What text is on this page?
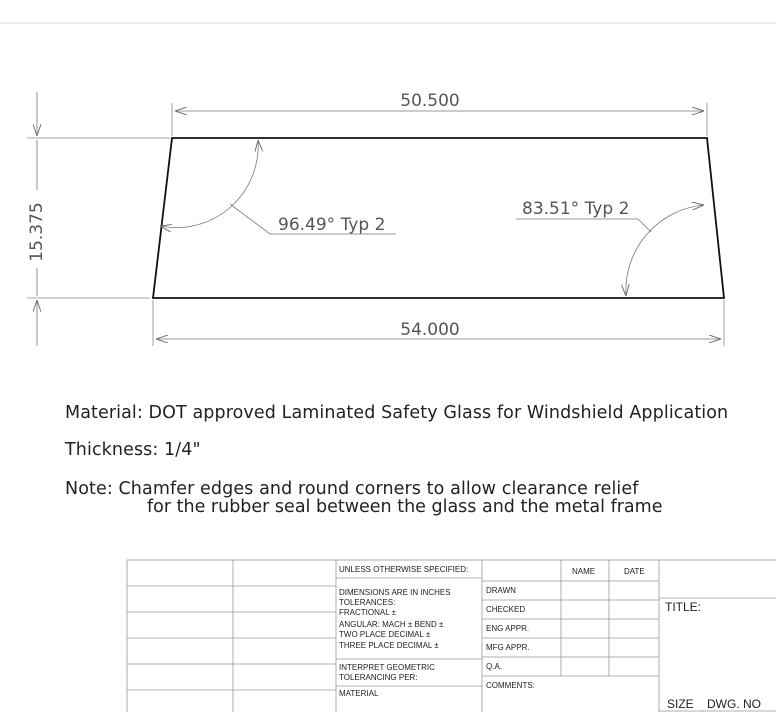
50.500
54.000
15.375	96.49° Typ 2
83.51° Typ 2
Material: DOT approved Laminated Safety Glass for Windshield Application
Thickness: 1/4"
Note: Chamfer edges and round corners to allow clearance relief
for the rubber seal between the glass and the metal frame
UNLESS OTHERWISE SPECIFIED:	NAME	DATE
DIMENSIONS ARE IN INCHES
TOLERANCES:
FRACTIONAL ±
ANGULAR: MACH ± BEND ±
TWO PLACE DECIMAL ±
THREE PLACE DECIMAL ±
DRAWN
CHECKED
ENG APPR.
MFG APPR.
Q.A.
COMMENTS:
INTERPRET GEOMETRIC
TOLERANCING PER:
MATERIAL
TITLE:
SIZE DWG. NO
